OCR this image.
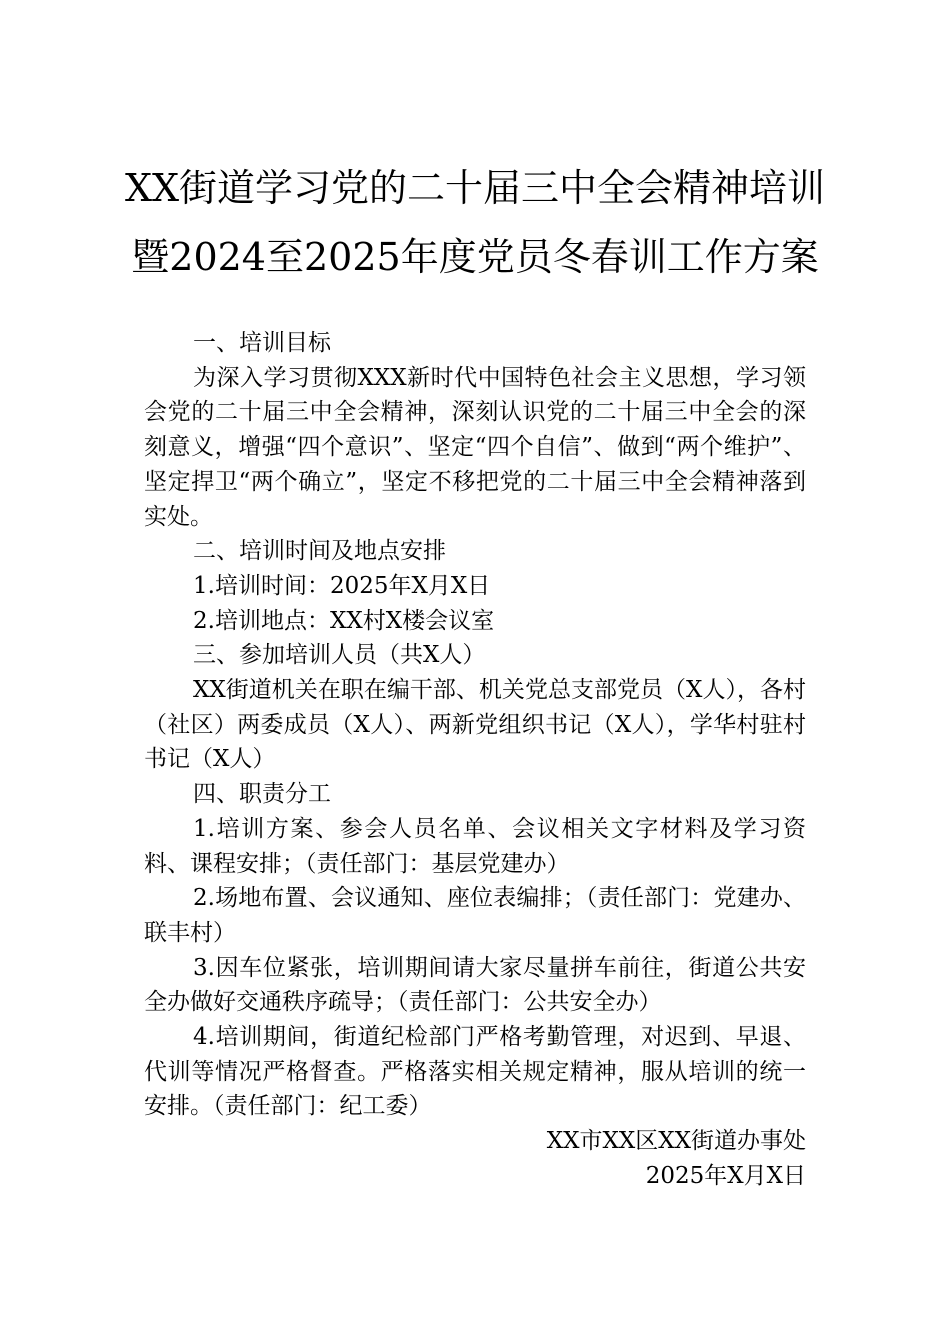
XX街道学习党的二十届三中全会精神培训
暨2024至2025年度党员冬春训工作方案

一、培训目标

为深入学习贯彻XXX新时代中国特色社会主义思想，学习领会党的二十届三中全会精神，深刻认识党的二十届三中全会的深刻意义，增强“四个意识”、坚定“四个自信”、做到“两个维护”、坚定捍卫“两个确立”，坚定不移把党的二十届三中全会精神落到实处。

二、培训时间及地点安排

1.培训时间：2025年X月X日

2.培训地点：XX村X楼会议室

三、参加培训人员（共X人）

XX街道机关在职在编干部、机关党总支部党员（X人），各村（社区）两委成员（X人）、两新党组织书记（X人），学华村驻村书记（X人）

四、职责分工

1.培训方案、参会人员名单、会议相关文字材料及学习资料、课程安排；（责任部门：基层党建办）

2.场地布置、会议通知、座位表编排；（责任部门：党建办、联丰村）

3.因车位紧张，培训期间请大家尽量拼车前往，街道公共安全办做好交通秩序疏导；（责任部门：公共安全办）

4.培训期间，街道纪检部门严格考勤管理，对迟到、早退、代训等情况严格督查。严格落实相关规定精神，服从培训的统一安排。（责任部门：纪工委）

XX市XX区XX街道办事处

2025年X月X日
